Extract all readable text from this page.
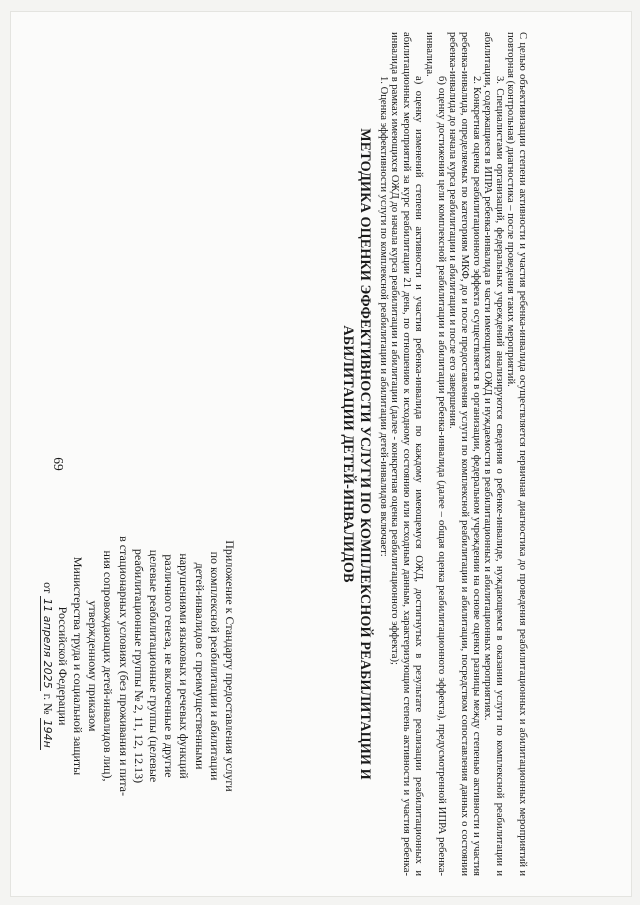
69
Приложение к Стандарту предоставления услуги
по комплексной реабилитации и абилитации
детей-инвалидов с преимущественными
нарушениями языковых и речевых функций
различного генеза, не включенные в другие
целевые реабилитационные группы (целевые
реабилитационные группы № 2, 11, 12, 12.13)
в стационарных условиях (без проживания и пита-
ния сопровождающих детей-инвалидов лиц),
утвержденному приказом
Министерства труда и социальной защиты
Российской Федерации
от 11 апреля 2025 г. № 194н	МЕТОДИКА ОЦЕНКИ ЭФФЕКТИВНОСТИ УСЛУГИ ПО КОМПЛЕКСНОЙ РЕАБИЛИТАЦИИ И
АБИЛИТАЦИИ ДЕТЕЙ-ИНВАЛИДОВ	С целью объективизации степени активности и участия ребенка-инвалида осуществляется первичная диагностика до проведения реабилитационных и абилитационных мероприятий и повторная (контрольная) диагностика – после проведения таких мероприятий.

3. Специалистами организаций, федеральных учреждений анализируются сведения о ребенке-инвалиде, нуждающемся в оказании услуги по комплексной реабилитации и абилитации, содержащиеся в ИПРА ребенка-инвалида в части имеющихся ОЖД и нуждаемости в реабилитационных и абилитационных мероприятиях.

2. Конкретная оценка реабилитационного эффекта осуществляется в организации, федеральном учреждении на основе оценки разницы между степенью активности и участия ребенка-инвалида, определяемых по категориям МКФ, до и после предоставления услуги по комплексной реабилитации и абилитации, посредством сопоставления данных о состоянии ребенка-инвалида до начала курса реабилитации и абилитации и после его завершения.

б) оценку достижения цели комплексной реабилитации и абилитации ребенка-инвалида (далее – общая оценка реабилитационного эффекта), предусмотренной ИПРА ребенка-инвалида.

а) оценку изменений степени активности и участия ребенка-инвалида по каждому имеющемуся ОЖД, достигнутых в результате реализации реабилитационных и абилитационных мероприятий за курс реабилитации 21 день, по отношению к исходному состоянию или исходным данным, характеризующим степень активности и участия ребенка-инвалида в рамках имеющихся ОЖД до начала курса реабилитации и абилитации (далее - конкретная оценка реабилитационного эффекта);

1. Оценка эффективности услуги по комплексной реабилитации и абилитации детей-инвалидов включает:
